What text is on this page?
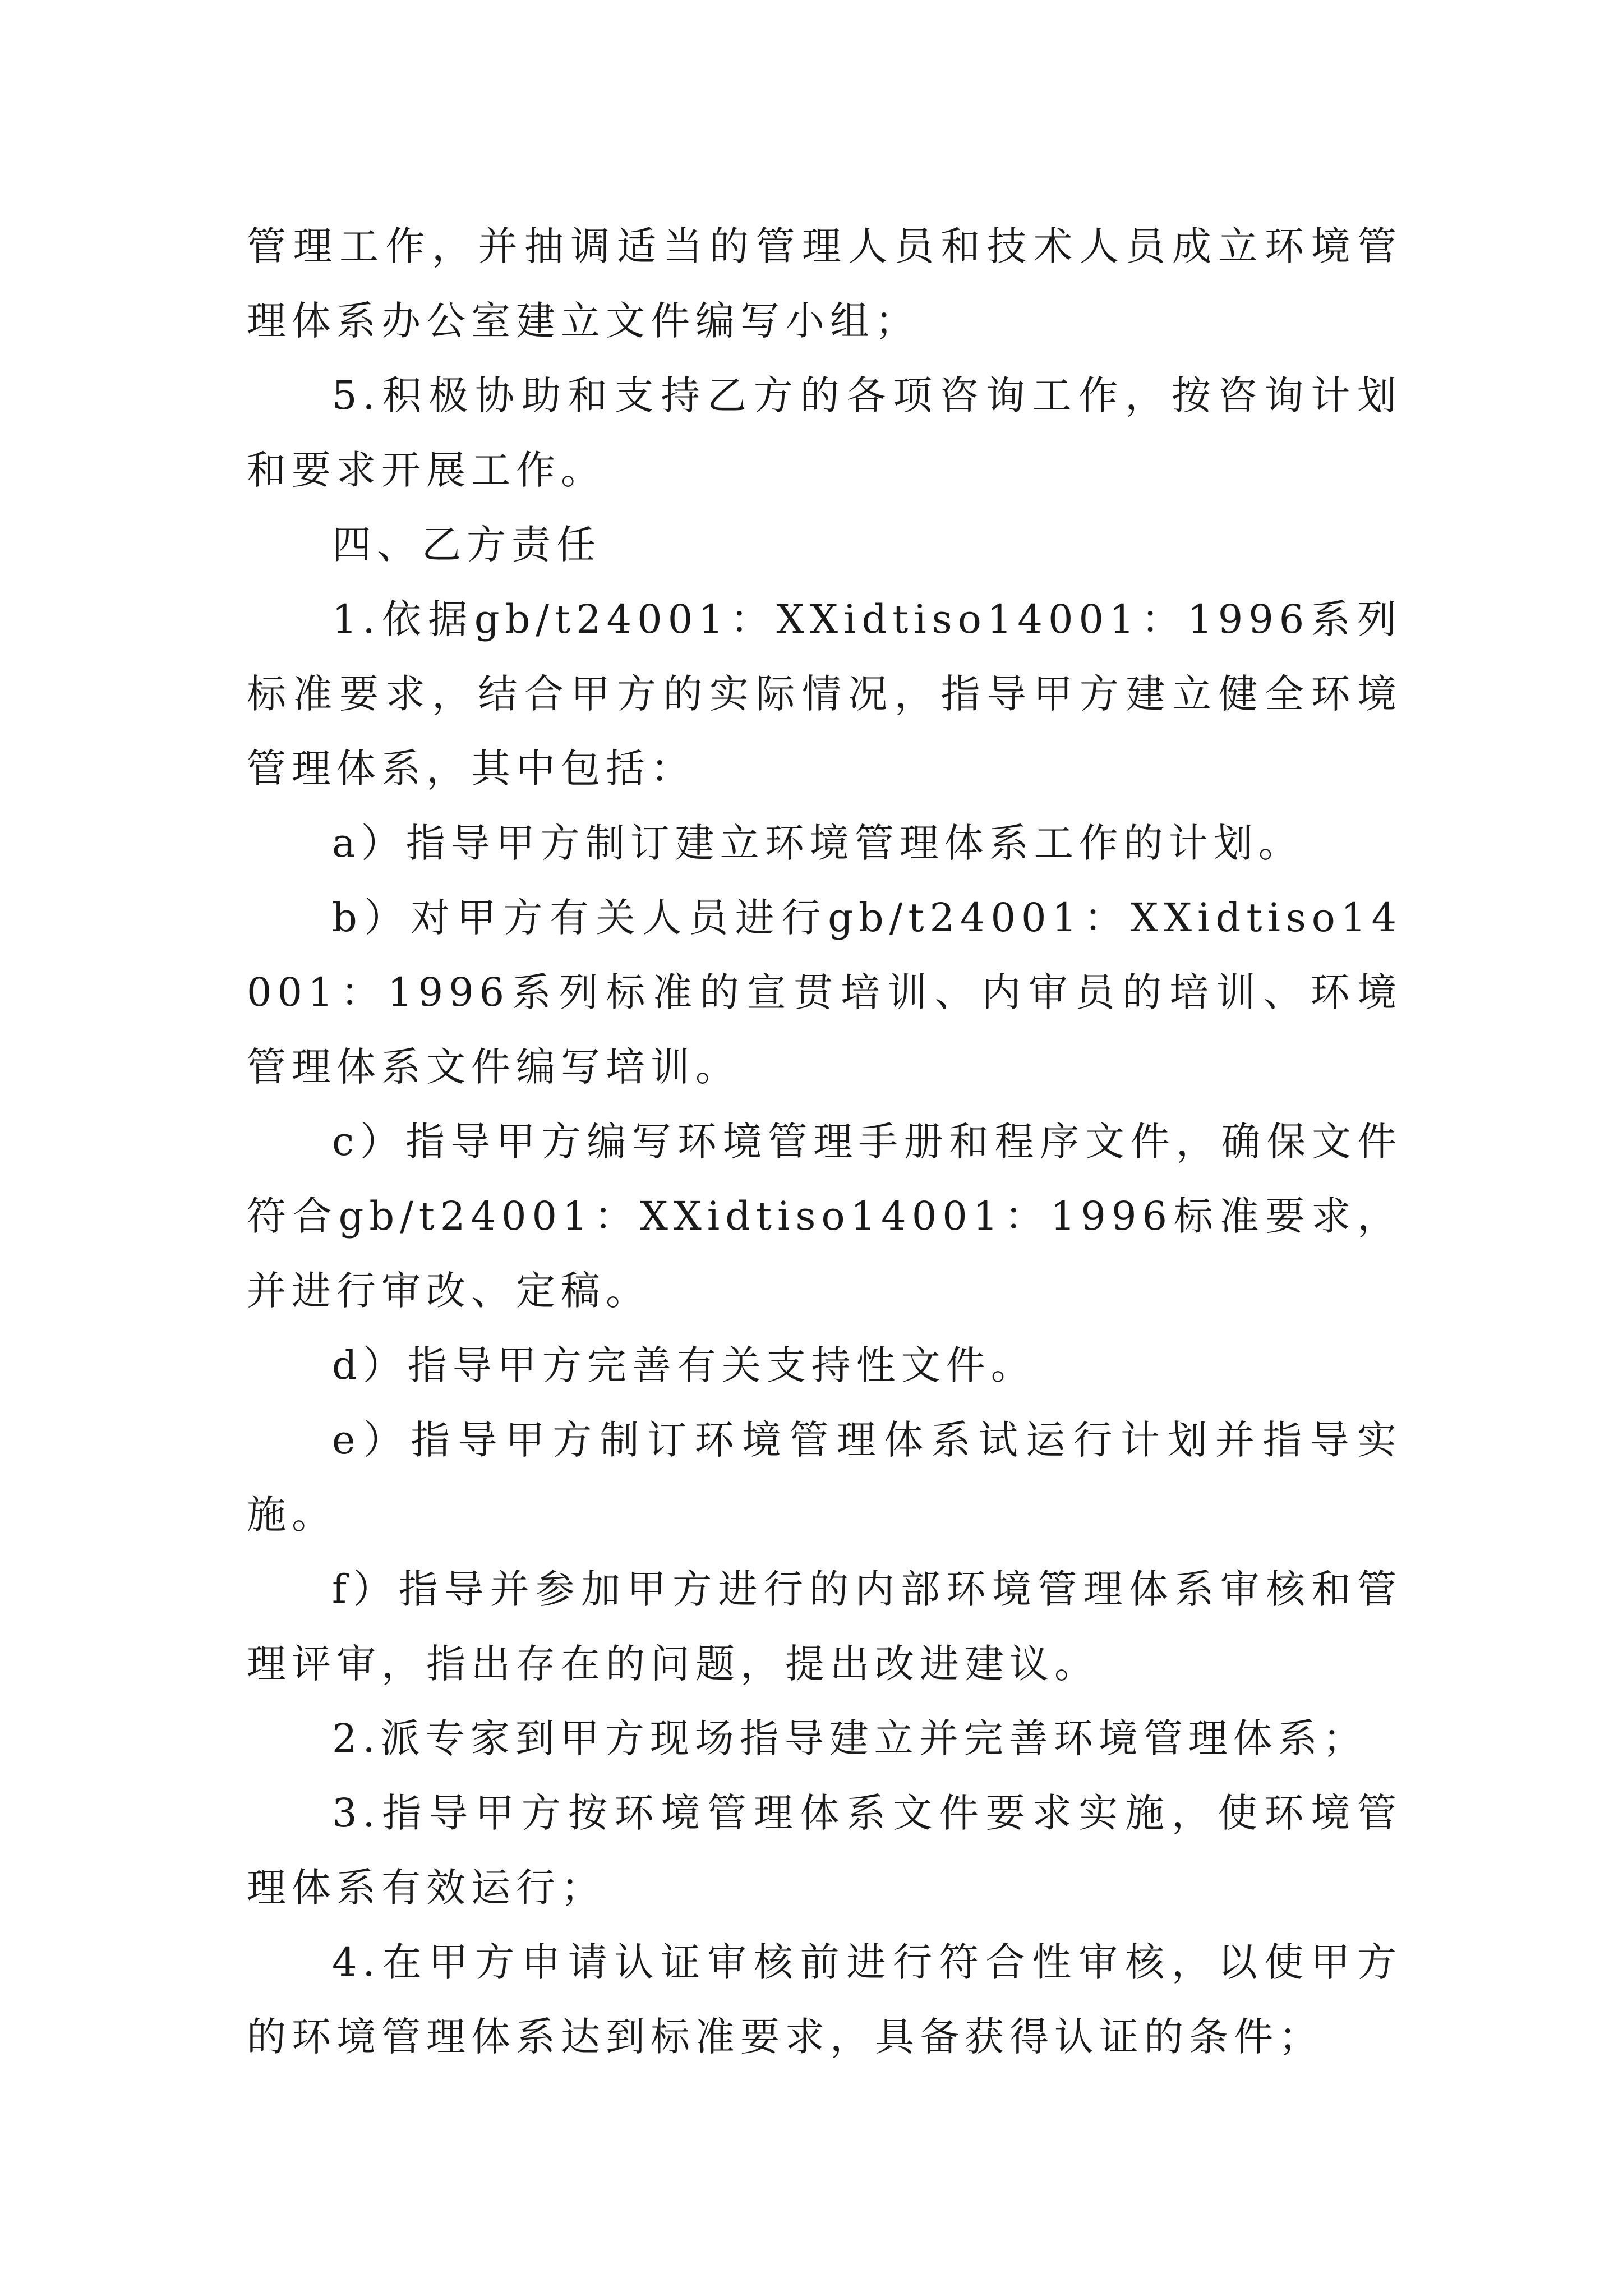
管理工作，并抽调适当的管理人员和技术人员成立环境管理体系办公室建立文件编写小组；

5.积极协助和支持乙方的各项咨询工作，按咨询计划和要求开展工作。

四、乙方责任

1.依据gb/t24001：XXidtiso14001：1996系列标准要求，结合甲方的实际情况，指导甲方建立健全环境管理体系，其中包括：

a）指导甲方制订建立环境管理体系工作的计划。

b）对甲方有关人员进行gb/t24001：XXidtiso14001：1996系列标准的宣贯培训、内审员的培训、环境管理体系文件编写培训。

c）指导甲方编写环境管理手册和程序文件，确保文件符合gb/t24001：XXidtiso14001：1996标准要求，并进行审改、定稿。

d）指导甲方完善有关支持性文件。

e）指导甲方制订环境管理体系试运行计划并指导实施。

f）指导并参加甲方进行的内部环境管理体系审核和管理评审，指出存在的问题，提出改进建议。

2.派专家到甲方现场指导建立并完善环境管理体系；

3.指导甲方按环境管理体系文件要求实施，使环境管理体系有效运行；

4.在甲方申请认证审核前进行符合性审核，以使甲方的环境管理体系达到标准要求，具备获得认证的条件；
